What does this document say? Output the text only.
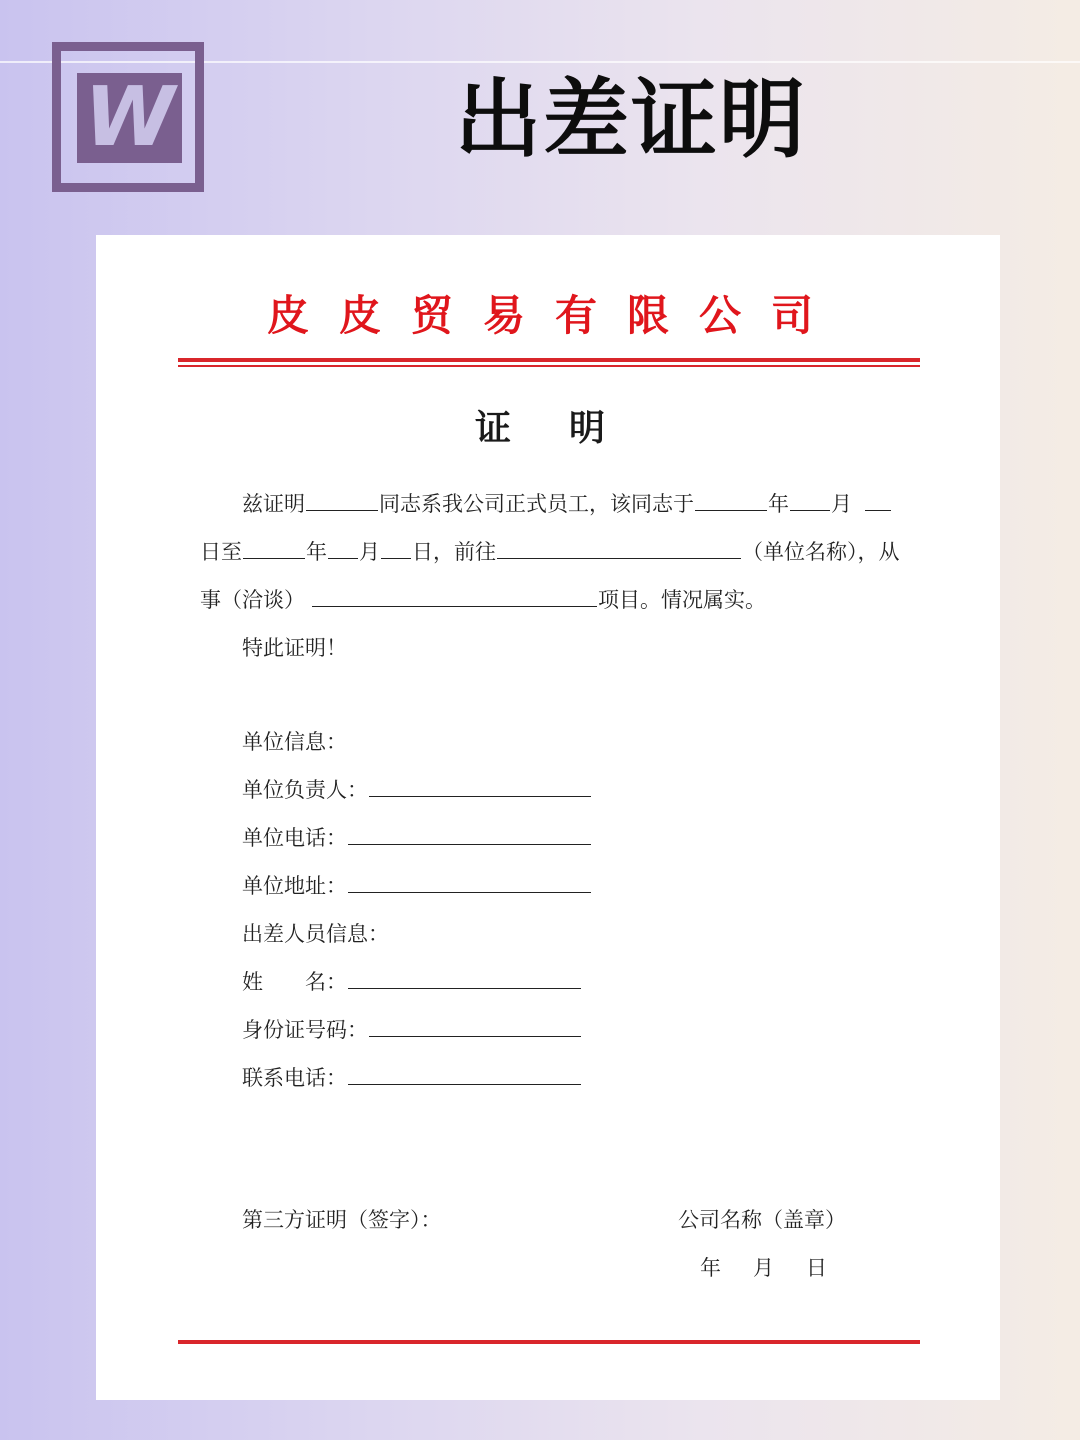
W	出差证明
皮皮贸易有限公司
证 明
兹证明	同志系我公司正式员工，该同志于	年 月
日至	年 月 日，前往	（单位名称），从
事（洽谈）	项目。情况属实。
特此证明！
单位信息：
单位负责人：
单位电话：
单位地址：
出差人员信息：
姓 名：
身份证号码：
联系电话：
第三方证明（签字）：	公司名称（盖章）
年 月 日
